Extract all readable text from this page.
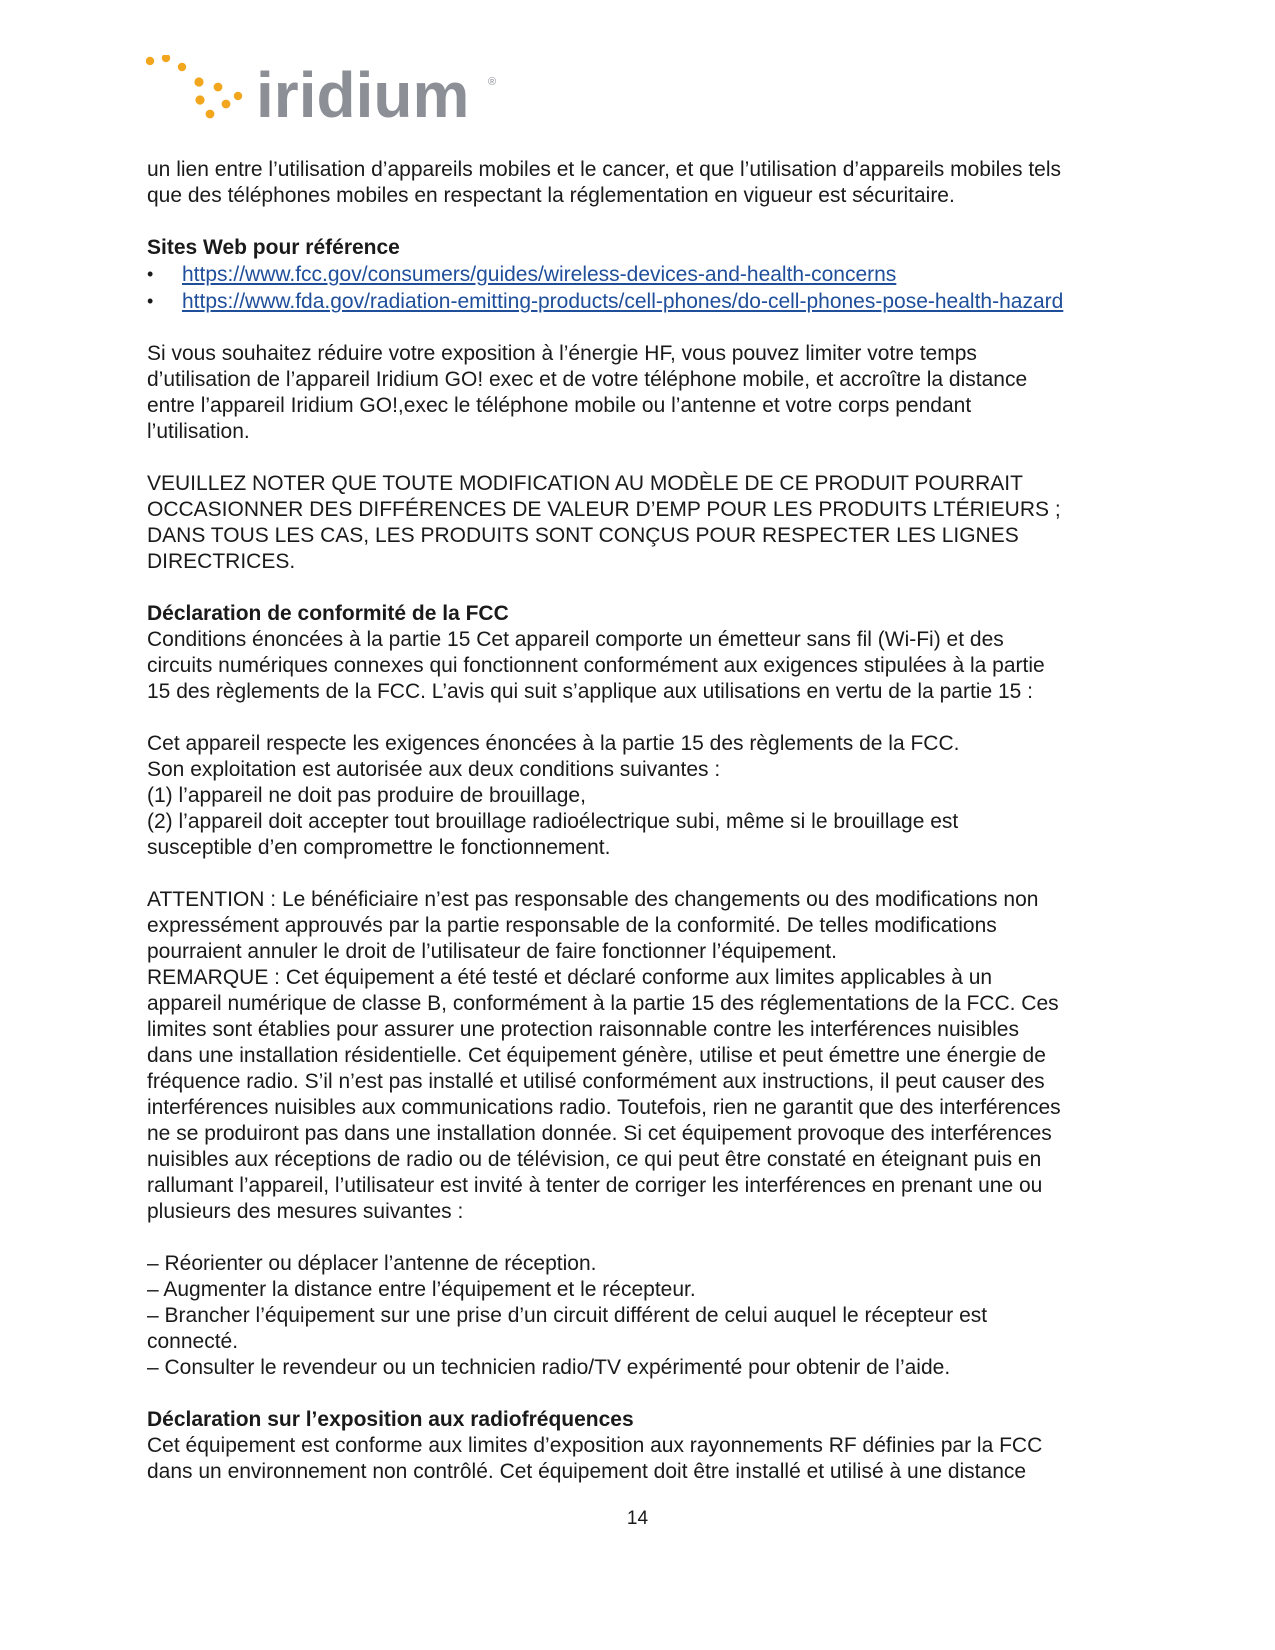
iridium ®

un lien entre l’utilisation d’appareils mobiles et le cancer, et que l’utilisation d’appareils mobiles tels

que des téléphones mobiles en respectant la réglementation en vigueur est sécuritaire.

Sites Web pour référence

• https://www.fcc.gov/consumers/guides/wireless-devices-and-health-concerns
• https://www.fda.gov/radiation-emitting-products/cell-phones/do-cell-phones-pose-health-hazard

Si vous souhaitez réduire votre exposition à l’énergie HF, vous pouvez limiter votre temps

d’utilisation de l’appareil Iridium GO! exec et de votre téléphone mobile, et accroître la distance

entre l’appareil Iridium GO!,exec le téléphone mobile ou l’antenne et votre corps pendant

l’utilisation.

VEUILLEZ NOTER QUE TOUTE MODIFICATION AU MODÈLE DE CE PRODUIT POURRAIT

OCCASIONNER DES DIFFÉRENCES DE VALEUR D’EMP POUR LES PRODUITS LTÉRIEURS ;

DANS TOUS LES CAS, LES PRODUITS SONT CONÇUS POUR RESPECTER LES LIGNES

DIRECTRICES.

Déclaration de conformité de la FCC

Conditions énoncées à la partie 15 Cet appareil comporte un émetteur sans fil (Wi-Fi) et des

circuits numériques connexes qui fonctionnent conformément aux exigences stipulées à la partie

15 des règlements de la FCC. L’avis qui suit s’applique aux utilisations en vertu de la partie 15 :

Cet appareil respecte les exigences énoncées à la partie 15 des règlements de la FCC.

Son exploitation est autorisée aux deux conditions suivantes :

(1) l’appareil ne doit pas produire de brouillage,

(2) l’appareil doit accepter tout brouillage radioélectrique subi, même si le brouillage est

susceptible d’en compromettre le fonctionnement.

ATTENTION : Le bénéficiaire n’est pas responsable des changements ou des modifications non

expressément approuvés par la partie responsable de la conformité. De telles modifications

pourraient annuler le droit de l’utilisateur de faire fonctionner l’équipement.

REMARQUE : Cet équipement a été testé et déclaré conforme aux limites applicables à un

appareil numérique de classe B, conformément à la partie 15 des réglementations de la FCC. Ces

limites sont établies pour assurer une protection raisonnable contre les interférences nuisibles

dans une installation résidentielle. Cet équipement génère, utilise et peut émettre une énergie de

fréquence radio. S’il n’est pas installé et utilisé conformément aux instructions, il peut causer des

interférences nuisibles aux communications radio. Toutefois, rien ne garantit que des interférences

ne se produiront pas dans une installation donnée. Si cet équipement provoque des interférences

nuisibles aux réceptions de radio ou de télévision, ce qui peut être constaté en éteignant puis en

rallumant l’appareil, l’utilisateur est invité à tenter de corriger les interférences en prenant une ou

plusieurs des mesures suivantes :

– Réorienter ou déplacer l’antenne de réception.

– Augmenter la distance entre l’équipement et le récepteur.

– Brancher l’équipement sur une prise d’un circuit différent de celui auquel le récepteur est

connecté.

– Consulter le revendeur ou un technicien radio/TV expérimenté pour obtenir de l’aide.

Déclaration sur l’exposition aux radiofréquences

Cet équipement est conforme aux limites d’exposition aux rayonnements RF définies par la FCC

dans un environnement non contrôlé. Cet équipement doit être installé et utilisé à une distance

14
